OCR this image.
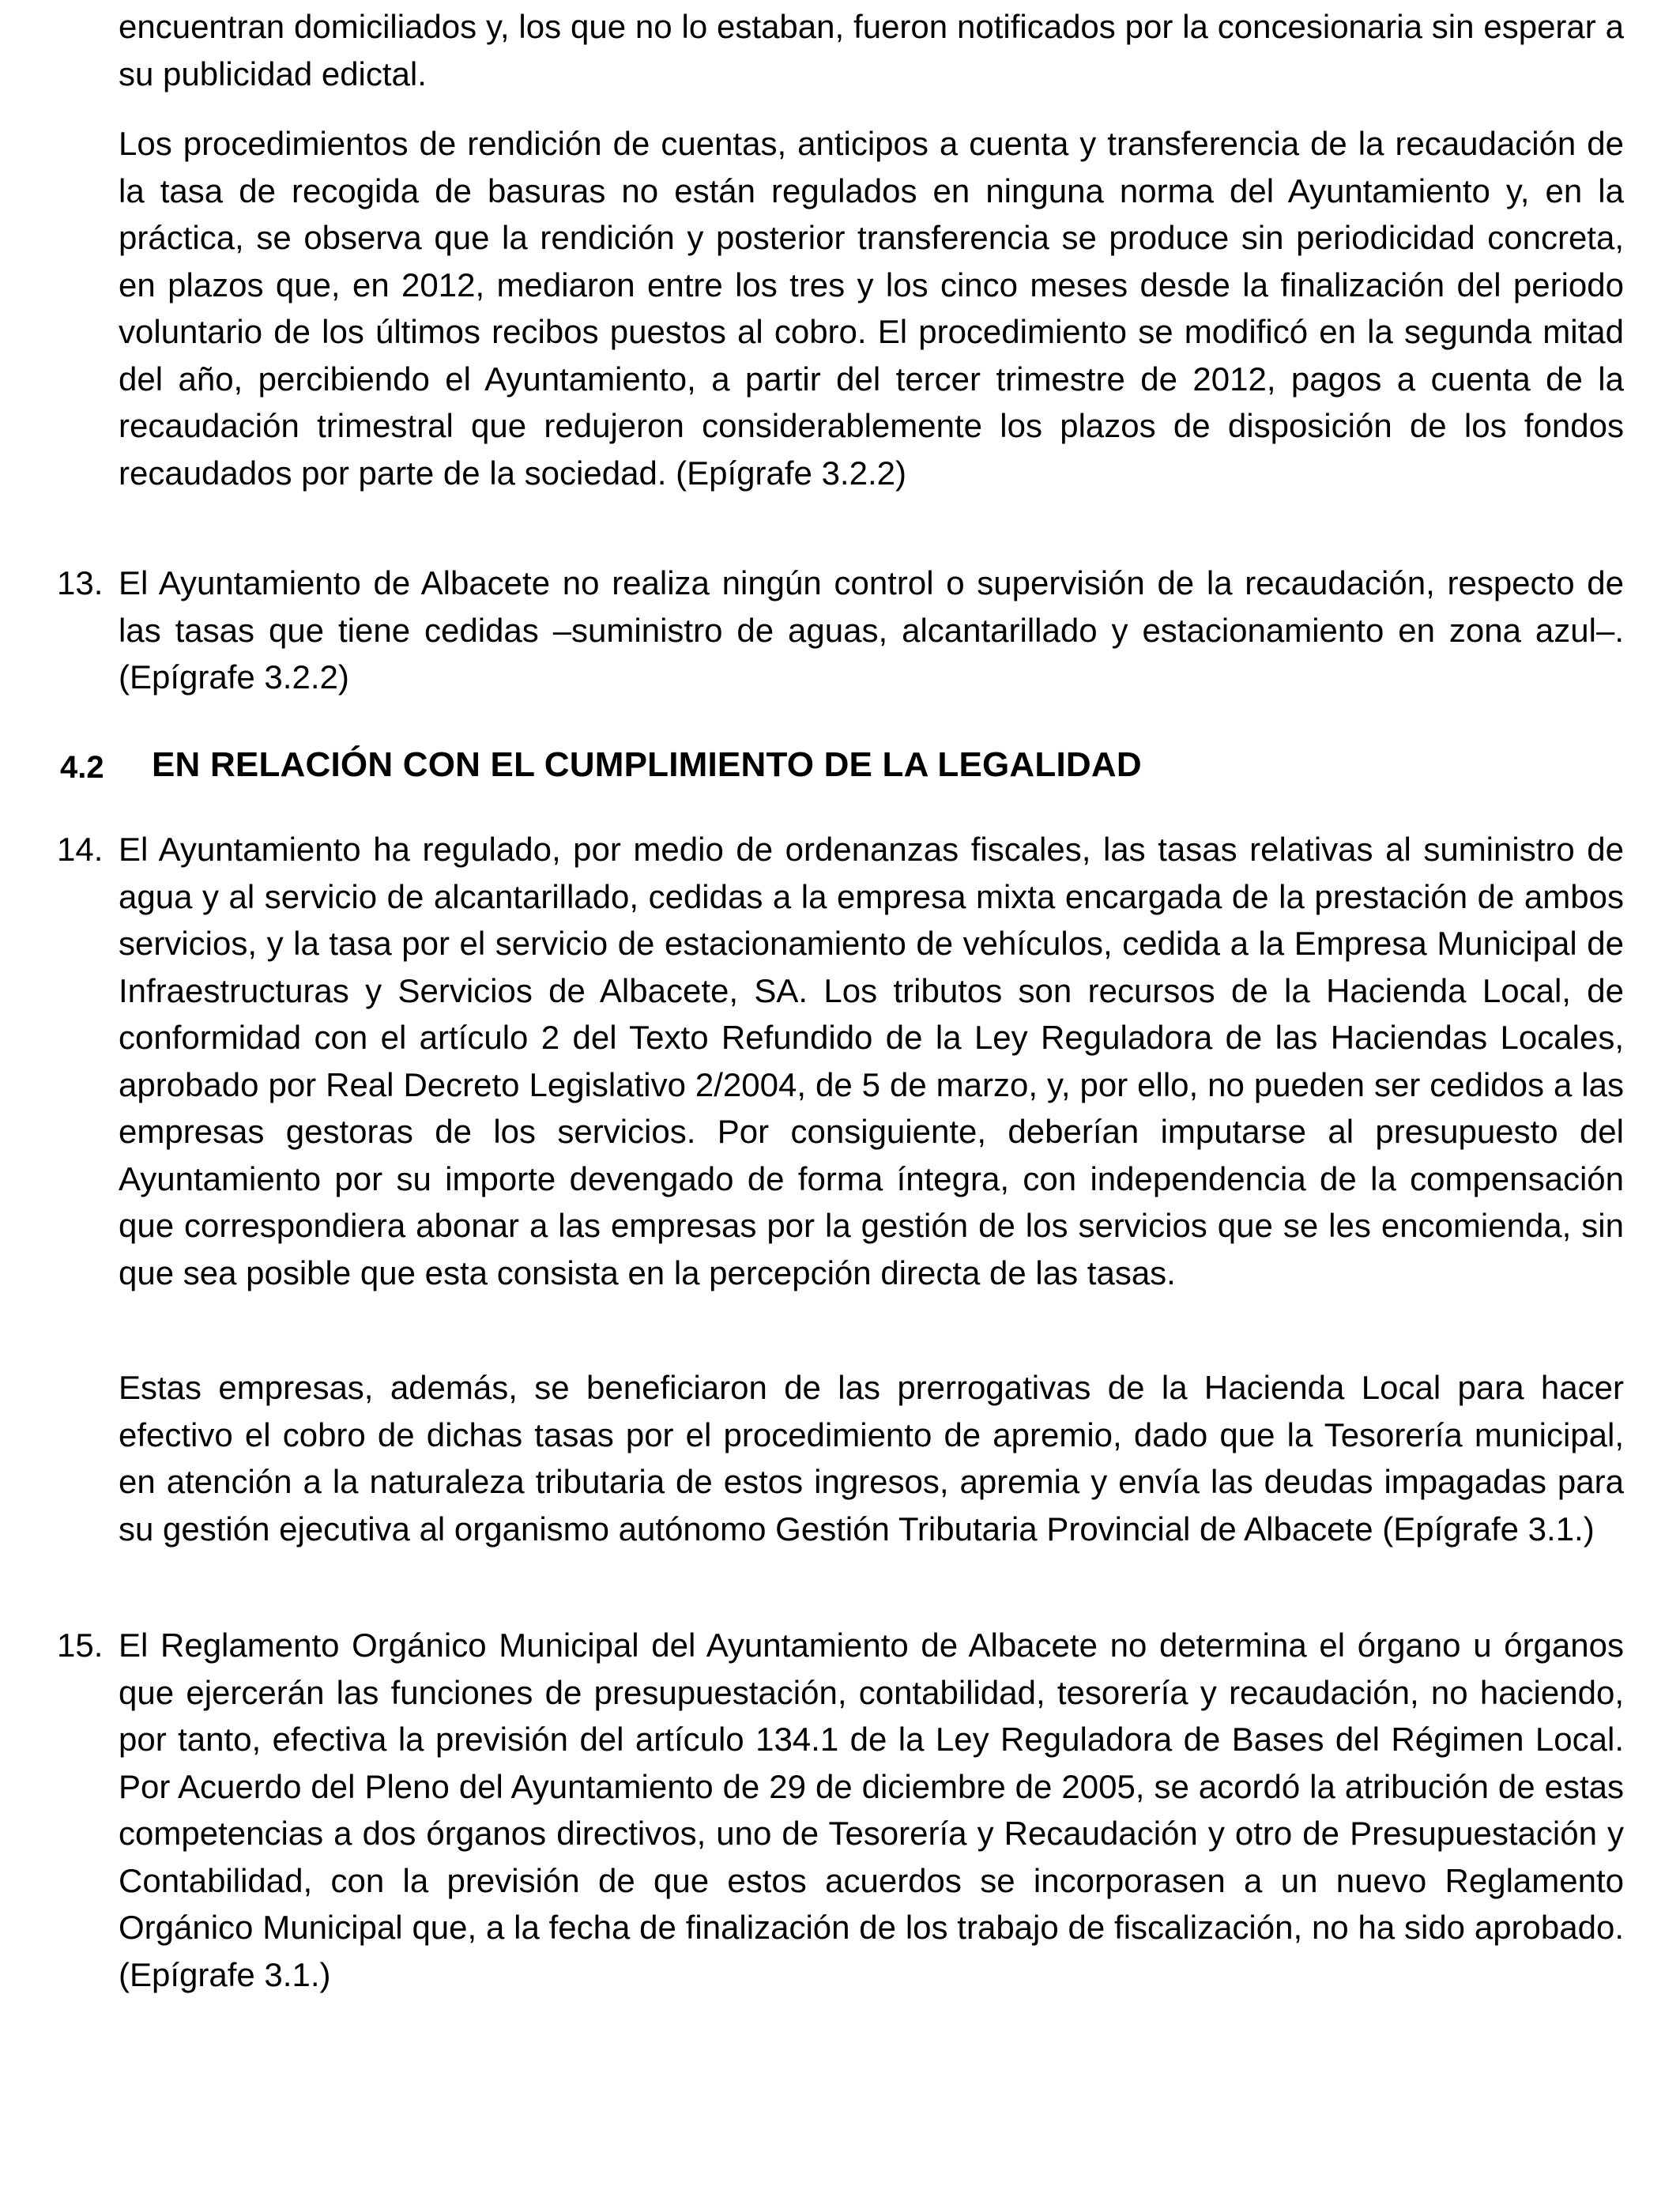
encuentran domiciliados y, los que no lo estaban, fueron notificados por la concesionaria sin esperar a su publicidad edictal.

Los procedimientos de rendición de cuentas, anticipos a cuenta y transferencia de la recaudación de la tasa de recogida de basuras no están regulados en ninguna norma del Ayuntamiento y, en la práctica, se observa que la rendición y posterior transferencia se produce sin periodicidad concreta, en plazos que, en 2012, mediaron entre los tres y los cinco meses desde la finalización del periodo voluntario de los últimos recibos puestos al cobro. El procedimiento se modificó en la segunda mitad del año, percibiendo el Ayuntamiento, a partir del tercer trimestre de 2012, pagos a cuenta de la recaudación trimestral que redujeron considerablemente los plazos de disposición de los fondos recaudados por parte de la sociedad. (Epígrafe 3.2.2)

13. El Ayuntamiento de Albacete no realiza ningún control o supervisión de la recaudación, respecto de las tasas que tiene cedidas –suministro de aguas, alcantarillado y estacionamiento en zona azul–. (Epígrafe 3.2.2)

4.2 EN RELACIÓN CON EL CUMPLIMIENTO DE LA LEGALIDAD
14. El Ayuntamiento ha regulado, por medio de ordenanzas fiscales, las tasas relativas al suministro de agua y al servicio de alcantarillado, cedidas a la empresa mixta encargada de la prestación de ambos servicios, y la tasa por el servicio de estacionamiento de vehículos, cedida a la Empresa Municipal de Infraestructuras y Servicios de Albacete, SA. Los tributos son recursos de la Hacienda Local, de conformidad con el artículo 2 del Texto Refundido de la Ley Reguladora de las Haciendas Locales, aprobado por Real Decreto Legislativo 2/2004, de 5 de marzo, y, por ello, no pueden ser cedidos a las empresas gestoras de los servicios. Por consiguiente, deberían imputarse al presupuesto del Ayuntamiento por su importe devengado de forma íntegra, con independencia de la compensación que correspondiera abonar a las empresas por la gestión de los servicios que se les encomienda, sin que sea posible que esta consista en la percepción directa de las tasas.

Estas empresas, además, se beneficiaron de las prerrogativas de la Hacienda Local para hacer efectivo el cobro de dichas tasas por el procedimiento de apremio, dado que la Tesorería municipal, en atención a la naturaleza tributaria de estos ingresos, apremia y envía las deudas impagadas para su gestión ejecutiva al organismo autónomo Gestión Tributaria Provincial de Albacete (Epígrafe 3.1.)

15. El Reglamento Orgánico Municipal del Ayuntamiento de Albacete no determina el órgano u órganos que ejercerán las funciones de presupuestación, contabilidad, tesorería y recaudación, no haciendo, por tanto, efectiva la previsión del artículo 134.1 de la Ley Reguladora de Bases del Régimen Local. Por Acuerdo del Pleno del Ayuntamiento de 29 de diciembre de 2005, se acordó la atribución de estas competencias a dos órganos directivos, uno de Tesorería y Recaudación y otro de Presupuestación y Contabilidad, con la previsión de que estos acuerdos se incorporasen a un nuevo Reglamento Orgánico Municipal que, a la fecha de finalización de los trabajo de fiscalización, no ha sido aprobado. (Epígrafe 3.1.)
